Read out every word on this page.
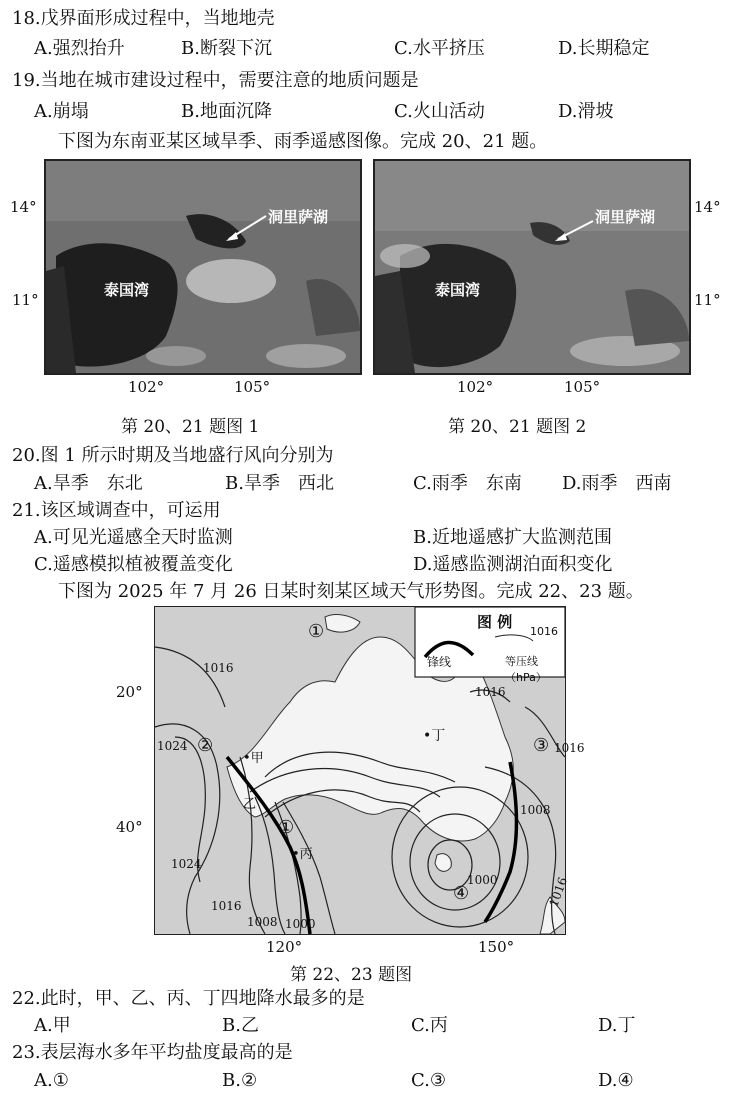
18.戊界面形成过程中，当地地壳
A.强烈抬升	B.断裂下沉	C.水平挤压	D.长期稳定
19.当地在城市建设过程中，需要注意的地质问题是
A.崩塌	B.地面沉降	C.火山活动	D.滑坡
下图为东南亚某区域旱季、雨季遥感图像。完成 20、21 题。
洞里萨湖
泰国湾
洞里萨湖
泰国湾
14°
11°
14°
11°
102°	105°	102°	105°
第 20、21 题图 1	第 20、21 题图 2
20.图 1 所示时期及当地盛行风向分别为
A.旱季　东北	B.旱季　西北	C.雨季　东南 D.雨季　西南
21.该区域调查中，可运用
A.可见光遥感全天时监测	B.近地遥感扩大监测范围
C.遥感模拟植被覆盖变化	D.遥感监测湖泊面积变化
下图为 2025 年 7 月 26 日某时刻某区域天气形势图。完成 22、23 题。
图 例
锋线	等压线（hPa）
1016
1016
1016
1024	1016
1008
1024
1016
1008 1000
1000	1016
•甲
乙
•丙
•丁
①
①
②	③
④
20°
40°
120°	150°
第 22、23 题图
22.此时，甲、乙、丙、丁四地降水最多的是
A.甲	B.乙	C.丙	D.丁
23.表层海水多年平均盐度最高的是
A.①	B.②	C.③	D.④
